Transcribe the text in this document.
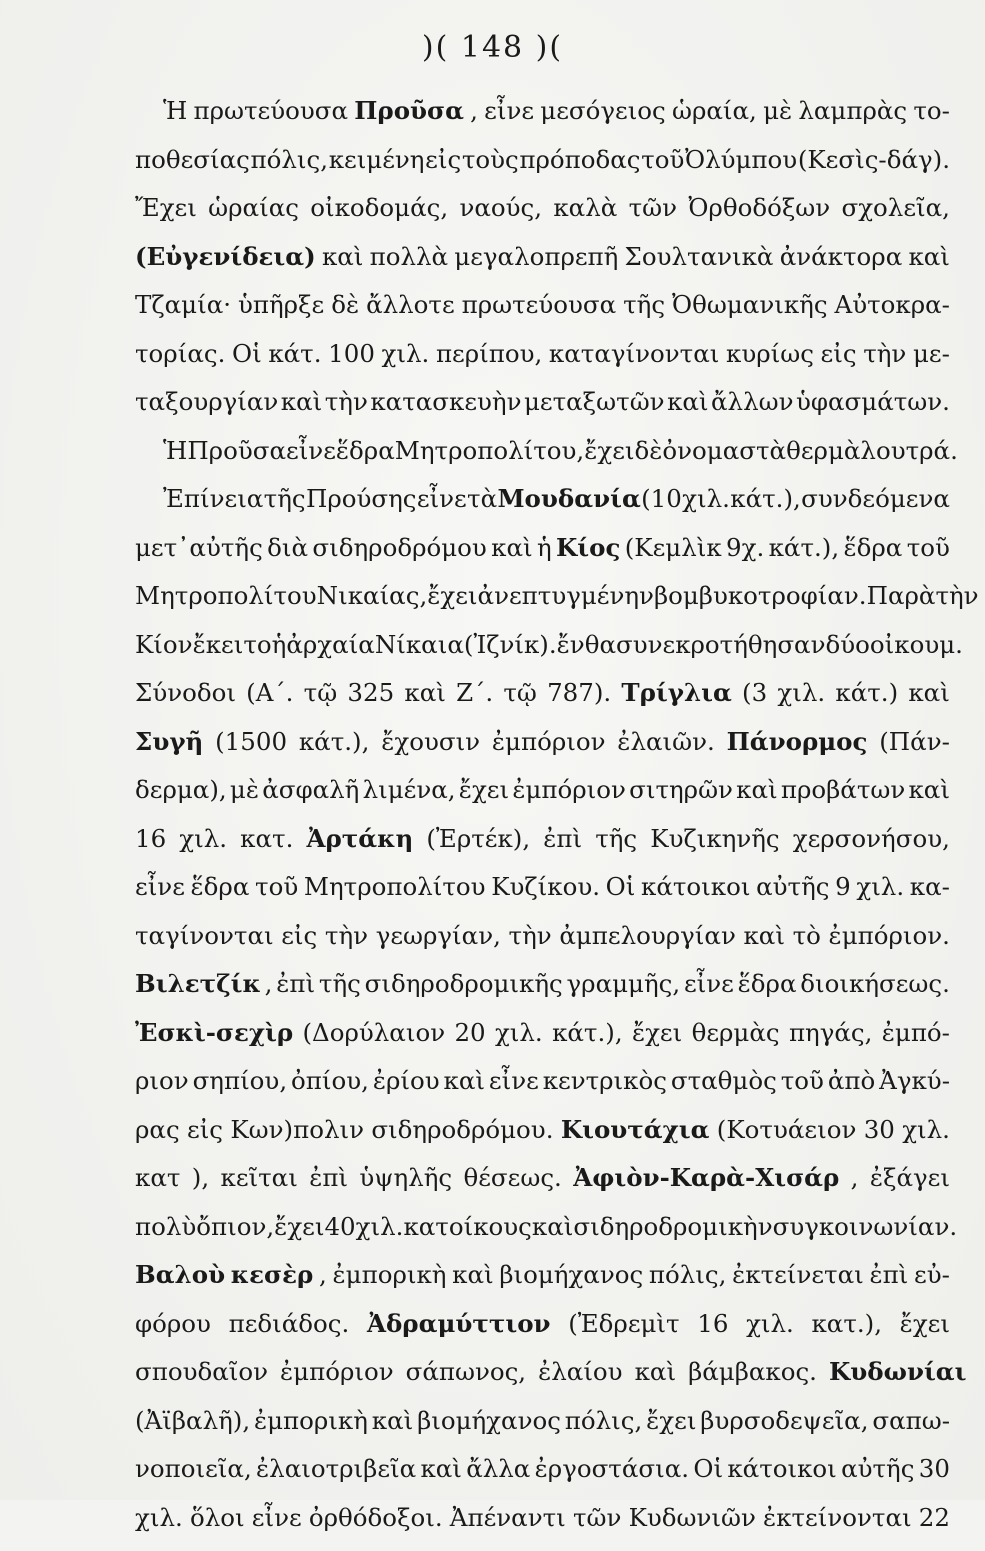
)( 148 )(
Ἡ πρωτεύουσα Προῦσα , εἶνε μεσόγειος ὡραία, μὲ λαμπρὰς το-
ποθεσίας πόλις, κειμένη εἰς τοὺς πρόποδας τοῦ Ὀλύμπου (Κεσὶς-δάγ).
Ἔχει ὡραίας οἰκοδομάς, ναούς, καλὰ τῶν Ὀρθοδόξων σχολεῖα,
(Εὐγενίδεια) καὶ πολλὰ μεγαλοπρεπῆ Σουλτανικὰ ἀνάκτορα καὶ
Τζαμία· ὑπῆρξε δὲ ἄλλοτε πρωτεύουσα τῆς Ὀθωμανικῆς Αὐτοκρα-
τορίας. Οἱ κάτ. 100 χιλ. περίπου, καταγίνονται κυρίως εἰς τὴν με-
ταξουργίαν καὶ τὴν κατασκευὴν μεταξωτῶν καὶ ἄλλων ὑφασμάτων.
Ἡ Προῦσα εἶνε ἕδρα Μητροπολίτου, ἔχει δὲ ὀνομαστὰ θερμὰ λουτρά.
Ἐπίνεια τῆς Προύσης εἶνε τὰ Μουδανία (10 χιλ. κάτ.), συνδεόμενα
μετ᾽αὐτῆς διὰ σιδηροδρόμου καὶ ἡ Κίος (Κεμλὶκ 9χ. κάτ.), ἕδρα τοῦ
Μητροπολίτου Νικαίας, ἔχει ἀνεπτυγμένην βομβυκοτροφίαν.Παρὰ τὴν
Κίον ἔκειτο ἡ ἀρχαία Νίκαια (Ἰζνίκ).ἔνθα συνεκροτήθησαν δύο οἰκουμ.
Σύνοδοι (Α΄. τῷ 325 καὶ Ζ΄. τῷ 787). Τρίγλια (3 χιλ. κάτ.) καὶ
Συγῆ (1500 κάτ.), ἔχουσιν ἐμπόριον ἐλαιῶν. Πάνορμος (Πάν-
δερμα), μὲ ἀσφαλῆ λιμένα, ἔχει ἐμπόριον σιτηρῶν καὶ προβάτων καὶ
16 χιλ. κατ. Ἀρτάκη (Ἐρτέκ), ἐπὶ τῆς Κυζικηνῆς χερσονήσου,
εἶνε ἕδρα τοῦ Μητροπολίτου Κυζίκου. Οἱ κάτοικοι αὐτῆς 9 χιλ. κα-
ταγίνονται εἰς τὴν γεωργίαν, τὴν ἀμπελουργίαν καὶ τὸ ἐμπόριον.
Βιλετζίκ , ἐπὶ τῆς σιδηροδρομικῆς γραμμῆς, εἶνε ἕδρα διοικήσεως.
Ἐσκὶ-σεχὶρ (Δορύλαιον 20 χιλ. κάτ.), ἔχει θερμὰς πηγάς, ἐμπό-
ριον σηπίου, ὀπίου, ἐρίου καὶ εἶνε κεντρικὸς σταθμὸς τοῦ ἀπὸ Ἀγκύ-
ρας εἰς Κων)πολιν σιδηροδρόμου. Κιουτάχια (Κοτυάειον 30 χιλ.
κατ ), κεῖται ἐπὶ ὑψηλῆς θέσεως. Ἀφιὸν-Καρὰ-Χισάρ , ἐξάγει
πολὺ ὄπιον, ἔχει 40 χιλ. κατοίκους καὶ σιδηροδρομικὴν συγκοινωνίαν.
Βαλοὺ κεσὲρ , ἐμπορικὴ καὶ βιομήχανος πόλις, ἐκτείνεται ἐπὶ εὐ-
φόρου πεδιάδος. Ἀδραμύττιον (Ἐδρεμὶτ 16 χιλ. κατ.), ἔχει
σπουδαῖον ἐμπόριον σάπωνος, ἐλαίου καὶ βάμβακος. Κυδωνίαι
(Ἀϊβαλῆ), ἐμπορικὴ καὶ βιομήχανος πόλις, ἔχει βυρσοδεψεῖα, σαπω-
νοποιεῖα, ἐλαιοτριβεῖα καὶ ἄλλα ἐργοστάσια. Οἱ κάτοικοι αὐτῆς 30
χιλ. ὅλοι εἶνε ὀρθόδοξοι. Ἀπέναντι τῶν Κυδωνιῶν ἐκτείνονται 22
